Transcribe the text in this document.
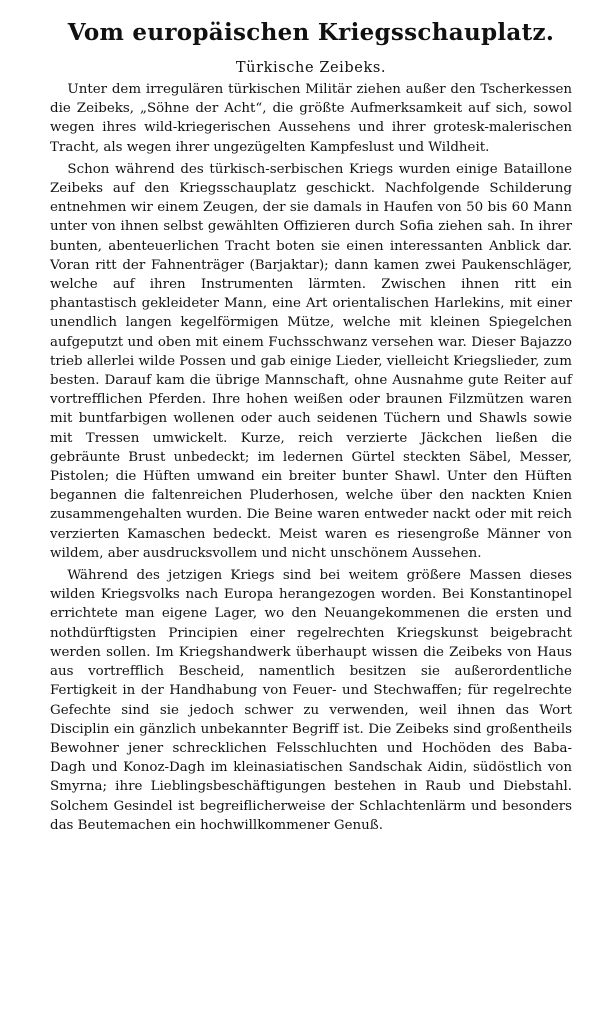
Vom europäischen Kriegsschauplatz.
Türkische Zeibeks.

Unter dem irregulären türkischen Militär ziehen außer den Tscherkessen die Zeibeks, „Söhne der Acht“, die größte Aufmerksamkeit auf sich, sowol wegen ihres wild-kriegerischen Aussehens und ihrer grotesk-malerischen Tracht, als wegen ihrer ungezügelten Kampfeslust und Wildheit.

Schon während des türkisch-serbischen Kriegs wurden einige Bataillone Zeibeks auf den Kriegsschauplatz geschickt. Nachfolgende Schilderung entnehmen wir einem Zeugen, der sie damals in Haufen von 50 bis 60 Mann unter von ihnen selbst gewählten Offizieren durch Sofia ziehen sah. In ihrer bunten, abenteuerlichen Tracht boten sie einen interessanten Anblick dar. Voran ritt der Fahnenträger (Barjaktar); dann kamen zwei Paukenschläger, welche auf ihren Instrumenten lärmten. Zwischen ihnen ritt ein phantastisch gekleideter Mann, eine Art orientalischen Harlekins, mit einer unendlich langen kegelförmigen Mütze, welche mit kleinen Spiegelchen aufgeputzt und oben mit einem Fuchsschwanz versehen war. Dieser Bajazzo trieb allerlei wilde Possen und gab einige Lieder, vielleicht Kriegslieder, zum besten. Darauf kam die übrige Mannschaft, ohne Ausnahme gute Reiter auf vortrefflichen Pferden. Ihre hohen weißen oder braunen Filzmützen waren mit buntfarbigen wollenen oder auch seidenen Tüchern und Shawls sowie mit Tressen umwickelt. Kurze, reich verzierte Jäckchen ließen die gebräunte Brust unbedeckt; im ledernen Gürtel steckten Säbel, Messer, Pistolen; die Hüften umwand ein breiter bunter Shawl. Unter den Hüften begannen die faltenreichen Pluderhosen, welche über den nackten Knien zusammengehalten wurden. Die Beine waren entweder nackt oder mit reich verzierten Kamaschen bedeckt. Meist waren es riesengroße Männer von wildem, aber ausdrucksvollem und nicht unschönem Aussehen.

Während des jetzigen Kriegs sind bei weitem größere Massen dieses wilden Kriegsvolks nach Europa herangezogen worden. Bei Konstantinopel errichtete man eigene Lager, wo den Neuangekommenen die ersten und nothdürftigsten Principien einer regelrechten Kriegskunst beigebracht werden sollen. Im Kriegshandwerk überhaupt wissen die Zeibeks von Haus aus vortrefflich Bescheid, namentlich besitzen sie außerordentliche Fertigkeit in der Handhabung von Feuer- und Stechwaffen; für regelrechte Gefechte sind sie jedoch schwer zu verwenden, weil ihnen das Wort Disciplin ein gänzlich unbekannter Begriff ist. Die Zeibeks sind großentheils Bewohner jener schrecklichen Felsschluchten und Hochöden des Baba-Dagh und Konoz-Dagh im kleinasiatischen Sandschak Aidin, südöstlich von Smyrna; ihre Lieblingsbeschäftigungen bestehen in Raub und Diebstahl. Solchem Gesindel ist begreiflicherweise der Schlachtenlärm und besonders das Beutemachen ein hochwillkommener Genuß.
